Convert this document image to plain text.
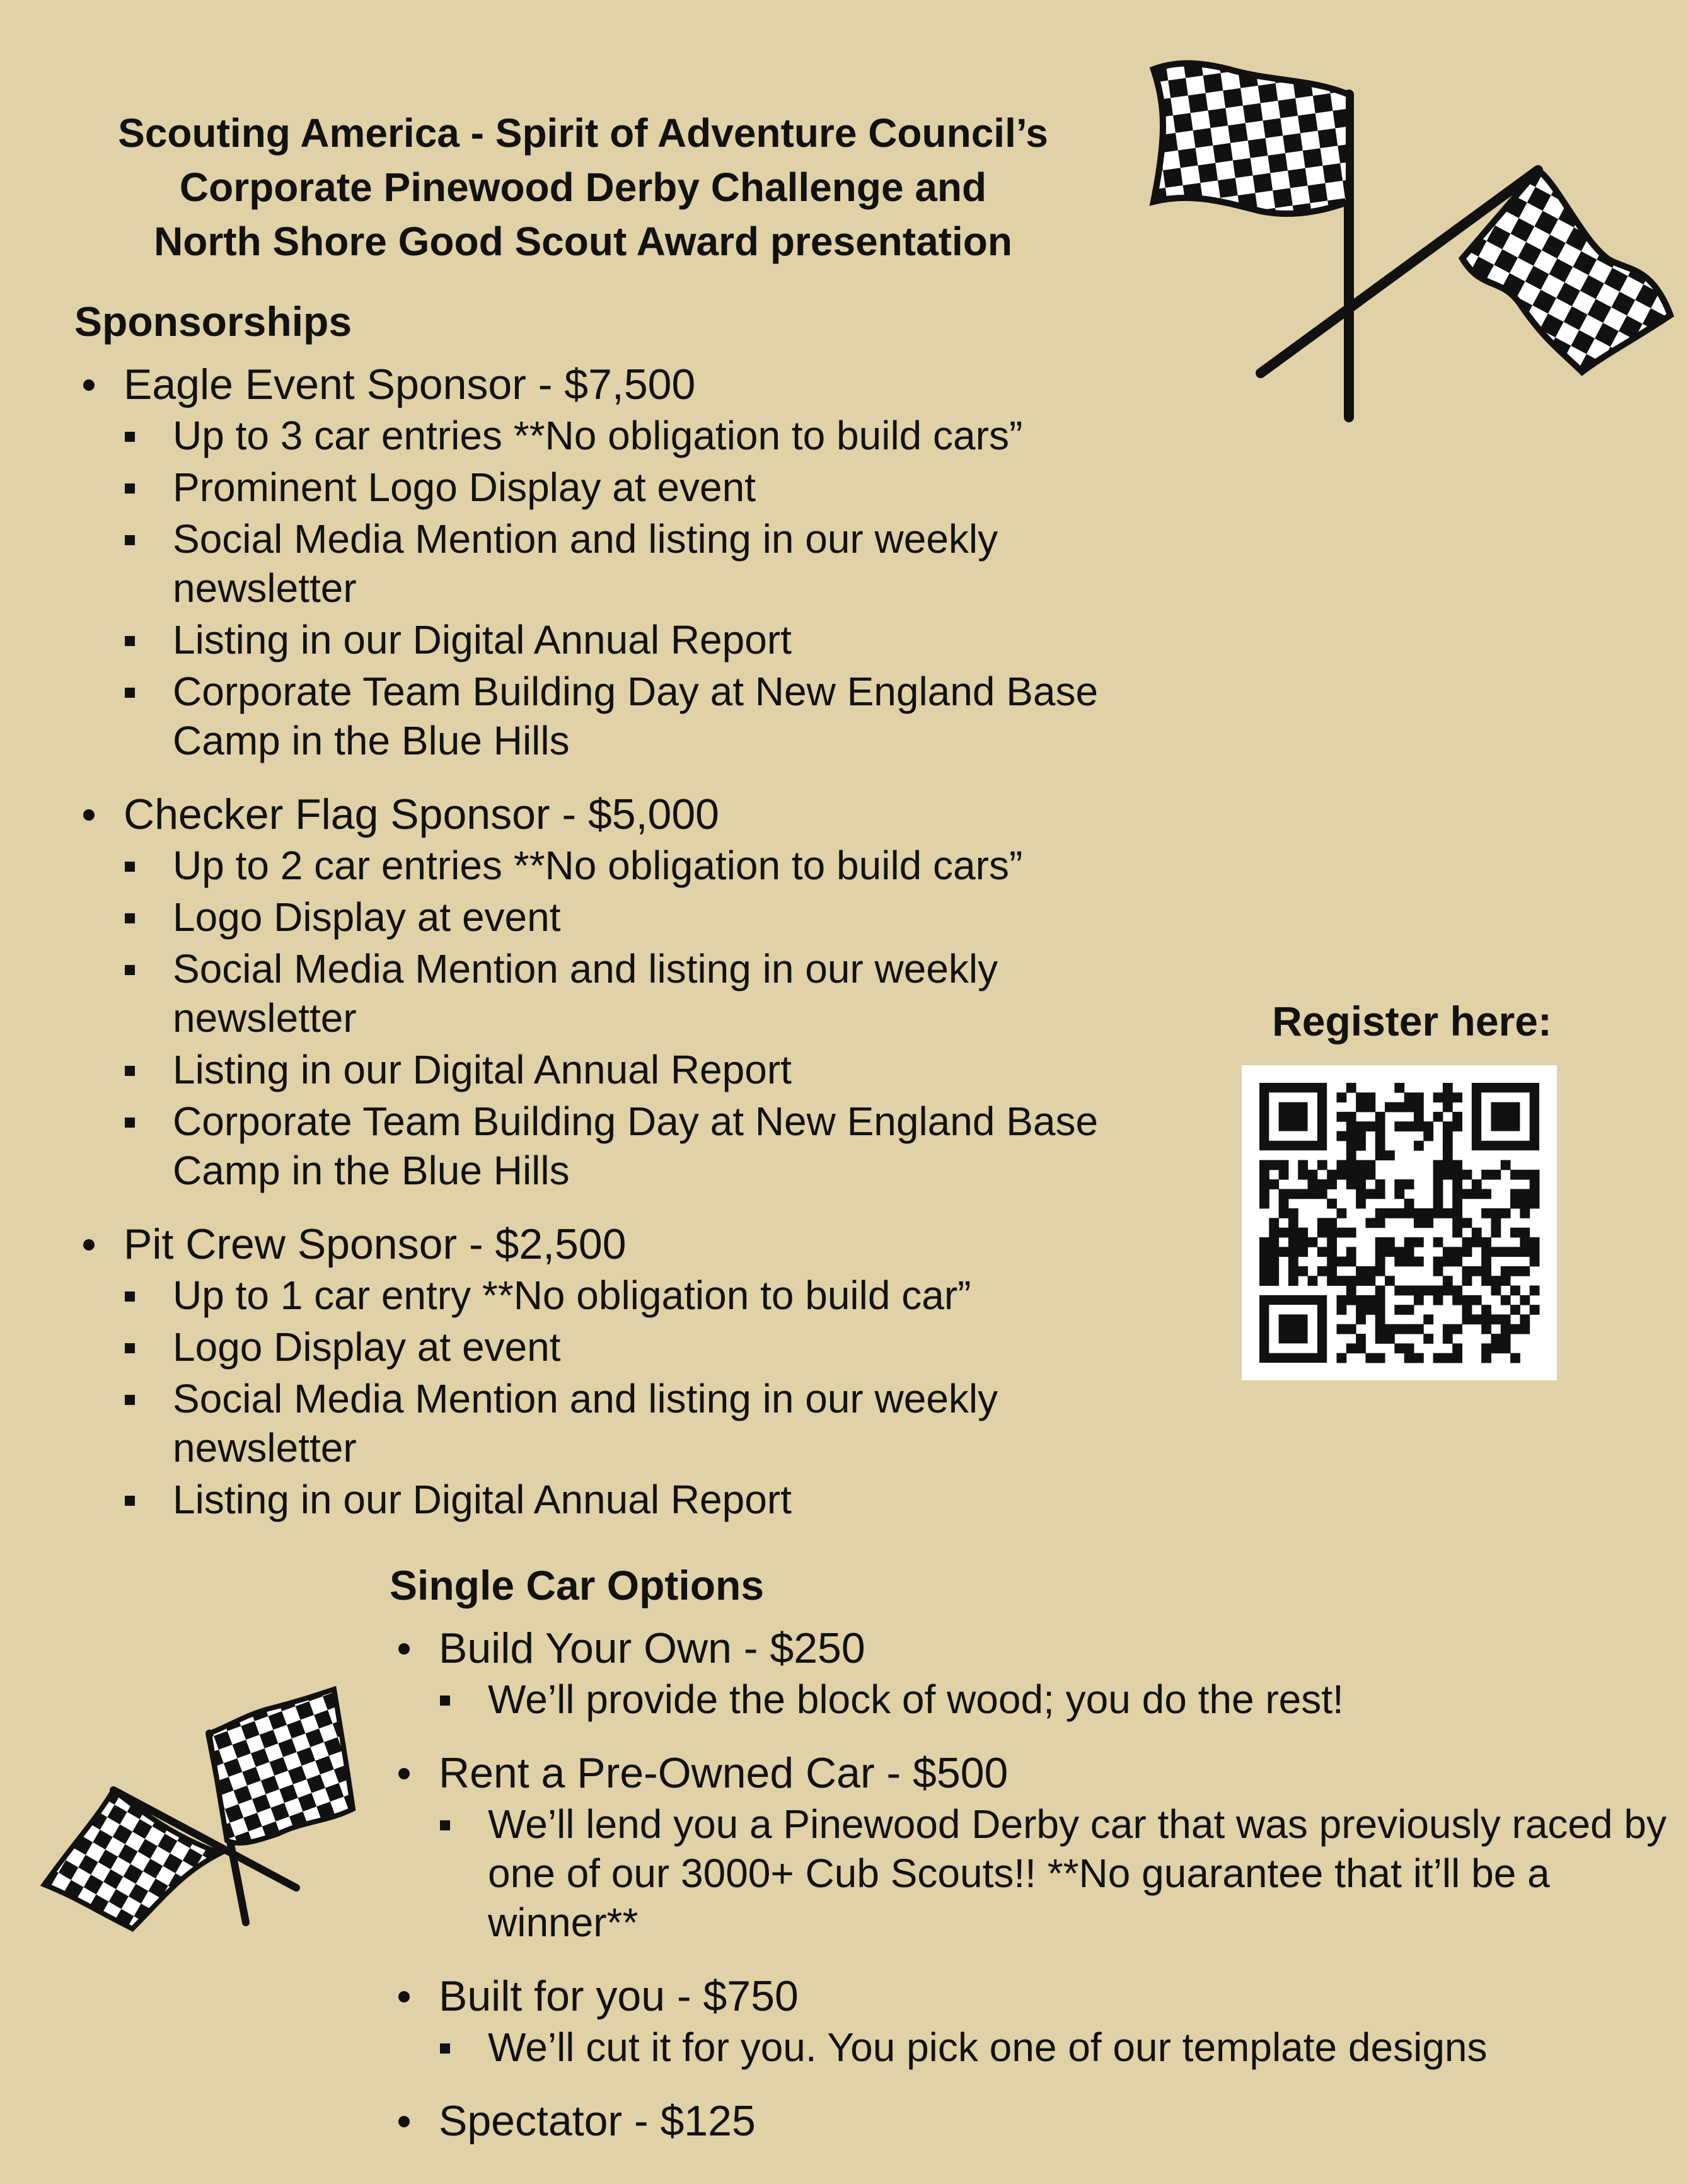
Scouting America - Spirit of Adventure Council’s
Corporate Pinewood Derby Challenge and
North Shore Good Scout Award presentation
Sponsorships
Eagle Event Sponsor - $7,500
Up to 3 car entries **No obligation to build cars”
Prominent Logo Display at event
Social Media Mention and listing in our weekly newsletter
Listing in our Digital Annual Report
Corporate Team Building Day at New England Base Camp in the Blue Hills
Checker Flag Sponsor - $5,000
Up to 2 car entries **No obligation to build cars”
Logo Display at event
Social Media Mention and listing in our weekly newsletter
Listing in our Digital Annual Report
Corporate Team Building Day at New England Base Camp in the Blue Hills
Pit Crew Sponsor - $2,500
Up to 1 car entry **No obligation to build car”
Logo Display at event
Social Media Mention and listing in our weekly newsletter
Listing in our Digital Annual Report
Register here:
Single Car Options
Build Your Own - $250
We’ll provide the block of wood; you do the rest!
Rent a Pre-Owned Car - $500
We’ll lend you a Pinewood Derby car that was previously raced by one of our 3000+ Cub Scouts!! **No guarantee that it’ll be a winner**
Built for you - $750
We’ll cut it for you. You pick one of our template designs
Spectator - $125
